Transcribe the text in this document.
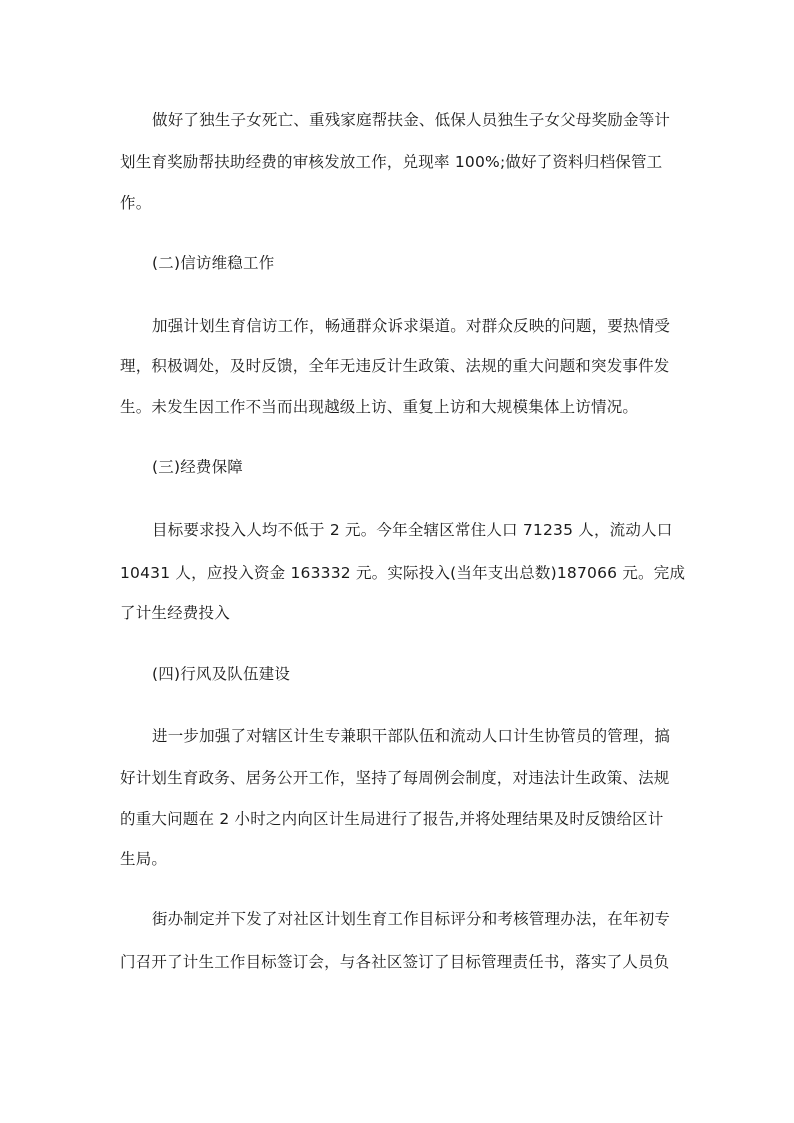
做好了独生子女死亡、重残家庭帮扶金、低保人员独生子女父母奖励金等计
划生育奖励帮扶助经费的审核发放工作，兑现率 100%;做好了资料归档保管工
作。
(二)信访维稳工作
加强计划生育信访工作，畅通群众诉求渠道。对群众反映的问题，要热情受
理，积极调处，及时反馈，全年无违反计生政策、法规的重大问题和突发事件发
生。未发生因工作不当而出现越级上访、重复上访和大规模集体上访情况。
(三)经费保障
目标要求投入人均不低于 2 元。今年全辖区常住人口 71235 人，流动人口
10431 人，应投入资金 163332 元。实际投入(当年支出总数)187066 元。完成
了计生经费投入
(四)行风及队伍建设
进一步加强了对辖区计生专兼职干部队伍和流动人口计生协管员的管理，搞
好计划生育政务、居务公开工作，坚持了每周例会制度，对违法计生政策、法规
的重大问题在 2 小时之内向区计生局进行了报告,并将处理结果及时反馈给区计
生局。
街办制定并下发了对社区计划生育工作目标评分和考核管理办法，在年初专
门召开了计生工作目标签订会，与各社区签订了目标管理责任书，落实了人员负
